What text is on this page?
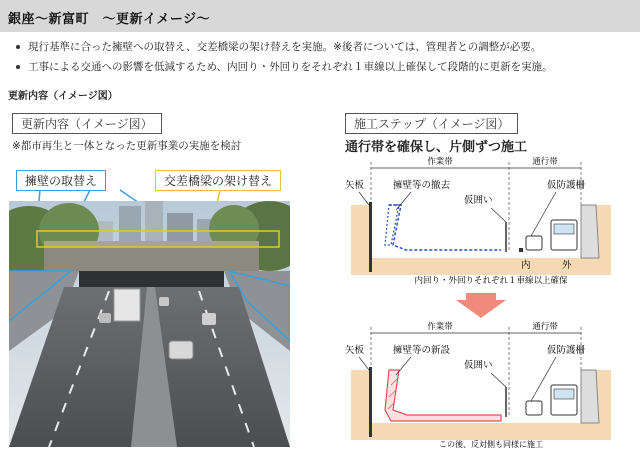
銀座～新富町　～更新イメージ～
現行基準に合った擁壁への取替え、交差橋梁の架け替えを実施。※後者については、管理者との調整が必要。
工事による交通への影響を低減するため、内回り・外回りをそれぞれ１車線以上確保して段階的に更新を実施。
更新内容（イメージ図）
更新内容（イメージ図）
※都市再生と一体となった更新事業の実施を検討
擁壁の取替え	交差橋梁の架け替え
施工ステップ（イメージ図）
通行帯を確保し、片側ずつ施工
作業帯	通行帯
矢板	擁壁等の撤去
仮囲い
仮防護柵
内	外
内回り・外回りそれぞれ１車線以上確保
作業帯	通行帯
矢板	擁壁等の新設
仮囲い
仮防護柵
この後、反対側も同様に施工
